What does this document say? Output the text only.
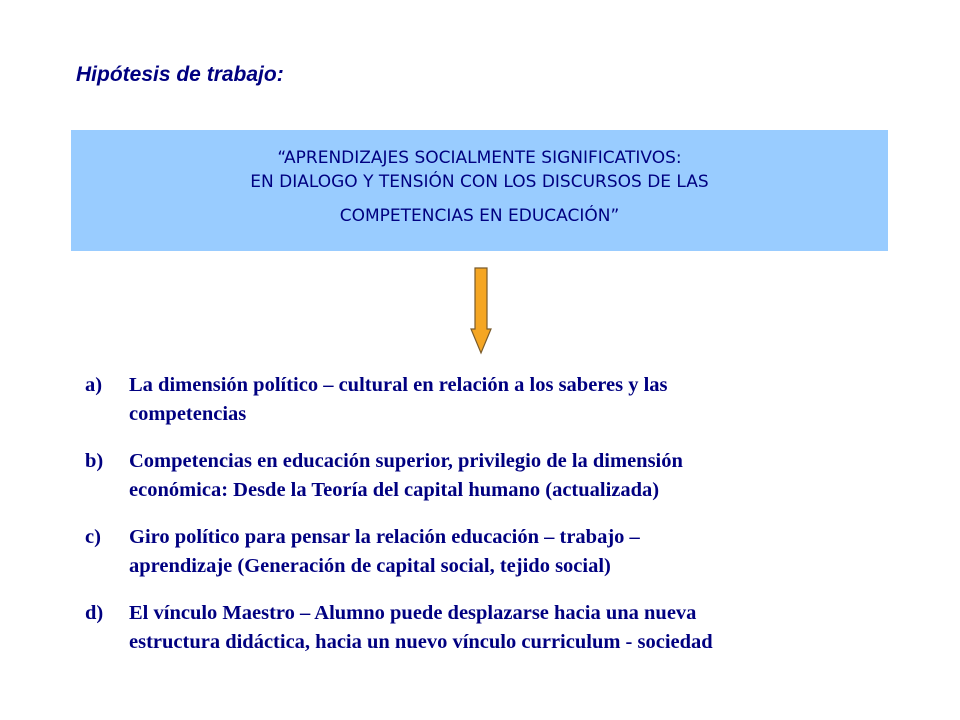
Hipótesis de trabajo:
“APRENDIZAJES SOCIALMENTE SIGNIFICATIVOS:
EN DIALOGO Y TENSIÓN CON LOS DISCURSOS DE LAS
COMPETENCIAS EN EDUCACIÓN”
a)	La dimensión político – cultural en relación a los saberes y las
competencias
b)	Competencias en educación superior, privilegio de la dimensión
económica: Desde la Teoría del capital humano (actualizada)
c)	Giro político para pensar la relación educación – trabajo –
aprendizaje (Generación de capital social, tejido social)
d)	El vínculo Maestro – Alumno puede desplazarse hacia una nueva
estructura didáctica, hacia un nuevo vínculo curriculum - sociedad
